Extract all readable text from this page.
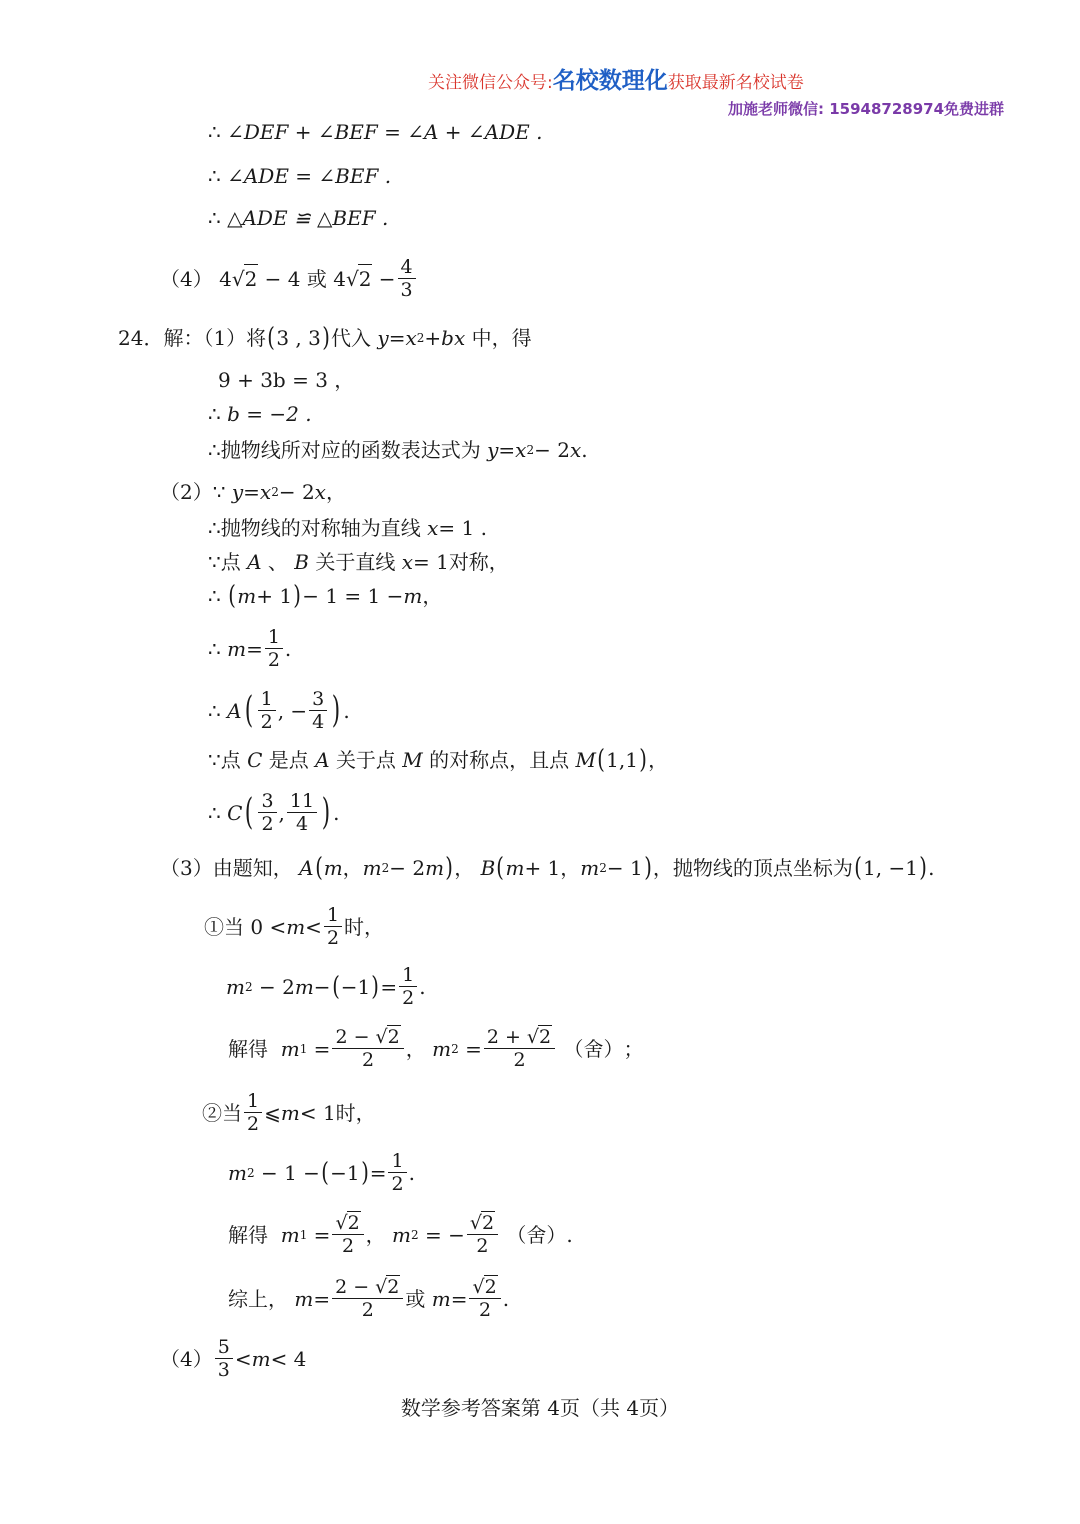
关注微信公众号:名校数理化获取最新名校试卷
加施老师微信: 15948728974免费进群
∴
∠DEF + ∠BEF = ∠A + ∠ADE .
∴
∠ADE = ∠BEF .
∴
△ADE ≌ △BEF .
（4） 4√ 2 − 4 或 4√ $2 - \frac{4}{3}$
24．解：（1）将 ( 3 , 3 ) 代入
y = x 2 + bx
中，得
9 + 3b = 3 ，
∴
b = −2 .
∴ 抛物线所对应的函数表达式为
y = x 2 − 2 x .
（2） ∵
y = x 2 − 2 x ，
∴ 抛物线的对称轴为直线
x = 1 .
∵ 点
A
、
B
关于直线
x = 1 对称，
∴
( m + 1 ) − 1 = 1 − m ，
∴
$m = \frac{1}{2}$ .
∴
A ( $\frac{1}{2}$ , − $\frac{3}{4}$ ) .
∵ 点
C
是点
A
关于点
M
的对称点，且点
M ( 1,1 ) ，
∴
C ( $\frac{3}{2}$ , $\frac{11}{4}$ ) .
（3）由题知，
A ( m ， m 2 − 2 m ) ， B ( m + 1， m 2 − 1 ) ，抛物线的顶点坐标为 ( 1, −1 ) .
①当 $0 < m < \frac{1}{2}$ 时，
m 2 − 2 m − ( −1 ) = $\frac{1}{2}$ .
解得
m $1 = \frac{2 - √2}{2}$ ， m $2 = \frac{2 + √2}{2}$
（舍） ；
②当 $\frac{1}{2}$ ⩽ m < 1 时，
m 2 − 1 − ( −1 ) = $\frac{1}{2}$ .
解得
m $1 = \frac{√2}{2}$ ， m 2 = − $\frac{√2}{2}$
（舍） .
综上，
$m = \frac{2 - √2}{2}$ 或
$m = \frac{√2}{2}$ .
$(4) \frac{5}{3} < m < 4$
数学参考答案第 4页（共 4页）
